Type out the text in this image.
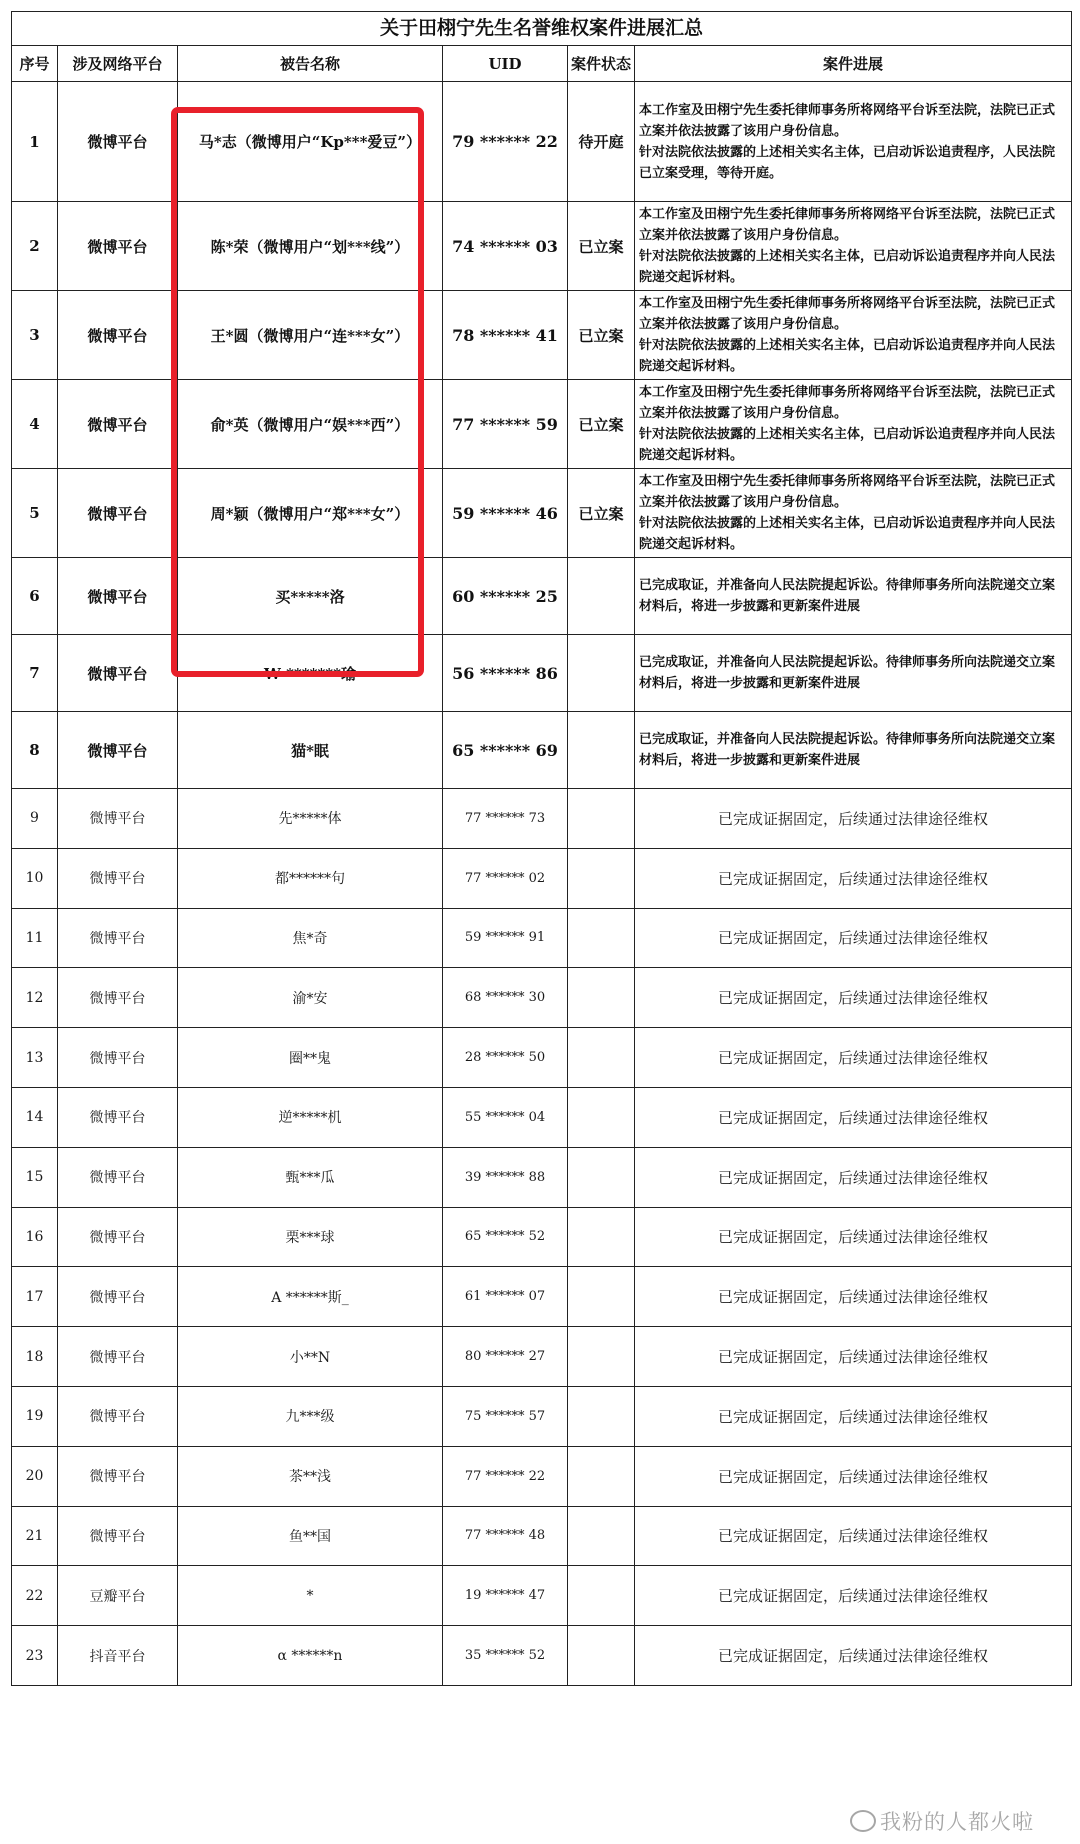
关于田栩宁先生名誉维权案件进展汇总
序号	涉及网络平台	被告名称	UID	案件状态	案件进展
1	微博平台	马*志（微博用户“Kp***爱豆”）	79 ****** 22	待开庭	本工作室及田栩宁先生委托律师事务所将网络平台诉至法院，法院已正式立案并依法披露了该用户身份信息。
针对法院依法披露的上述相关实名主体，已启动诉讼追责程序，人民法院已立案受理，等待开庭。
2	微博平台	陈*荣（微博用户“划***线”）	74 ****** 03	已立案	本工作室及田栩宁先生委托律师事务所将网络平台诉至法院，法院已正式立案并依法披露了该用户身份信息。
针对法院依法披露的上述相关实名主体，已启动诉讼追责程序并向人民法院递交起诉材料。
3	微博平台	王*圆（微博用户“连***女”）	78 ****** 41	已立案	本工作室及田栩宁先生委托律师事务所将网络平台诉至法院，法院已正式立案并依法披露了该用户身份信息。
针对法院依法披露的上述相关实名主体，已启动诉讼追责程序并向人民法院递交起诉材料。
4	微博平台	俞*英（微博用户“娱***西”）	77 ****** 59	已立案	本工作室及田栩宁先生委托律师事务所将网络平台诉至法院，法院已正式立案并依法披露了该用户身份信息。
针对法院依法披露的上述相关实名主体，已启动诉讼追责程序并向人民法院递交起诉材料。
5	微博平台	周*颖（微博用户“郑***女”）	59 ****** 46	已立案	本工作室及田栩宁先生委托律师事务所将网络平台诉至法院，法院已正式立案并依法披露了该用户身份信息。
针对法院依法披露的上述相关实名主体，已启动诉讼追责程序并向人民法院递交起诉材料。
6	微博平台	买*****洛	60 ****** 25		已完成取证，并准备向人民法院提起诉讼。待律师事务所向法院递交立案材料后，将进一步披露和更新案件进展
7	微博平台	W *******瑜	56 ****** 86		已完成取证，并准备向人民法院提起诉讼。待律师事务所向法院递交立案材料后，将进一步披露和更新案件进展
8	微博平台	猫*眠	65 ****** 69		已完成取证，并准备向人民法院提起诉讼。待律师事务所向法院递交立案材料后，将进一步披露和更新案件进展
9	微博平台	先*****体	77 ****** 73		已完成证据固定，后续通过法律途径维权
10	微博平台	都******句	77 ****** 02		已完成证据固定，后续通过法律途径维权
11	微博平台	焦*奇	59 ****** 91		已完成证据固定，后续通过法律途径维权
12	微博平台	渝*安	68 ****** 30		已完成证据固定，后续通过法律途径维权
13	微博平台	圈**鬼	28 ****** 50		已完成证据固定，后续通过法律途径维权
14	微博平台	逆*****机	55 ****** 04		已完成证据固定，后续通过法律途径维权
15	微博平台	甄***瓜	39 ****** 88		已完成证据固定，后续通过法律途径维权
16	微博平台	栗***球	65 ****** 52		已完成证据固定，后续通过法律途径维权
17	微博平台	A ******斯_	61 ****** 07		已完成证据固定，后续通过法律途径维权
18	微博平台	小**N	80 ****** 27		已完成证据固定，后续通过法律途径维权
19	微博平台	九***级	75 ****** 57		已完成证据固定，后续通过法律途径维权
20	微博平台	茶**浅	77 ****** 22		已完成证据固定，后续通过法律途径维权
21	微博平台	鱼**国	77 ****** 48		已完成证据固定，后续通过法律途径维权
22	豆瓣平台	*	19 ****** 47		已完成证据固定，后续通过法律途径维权
23	抖音平台	α ******n	35 ****** 52		已完成证据固定，后续通过法律途径维权
我粉的人都火啦
